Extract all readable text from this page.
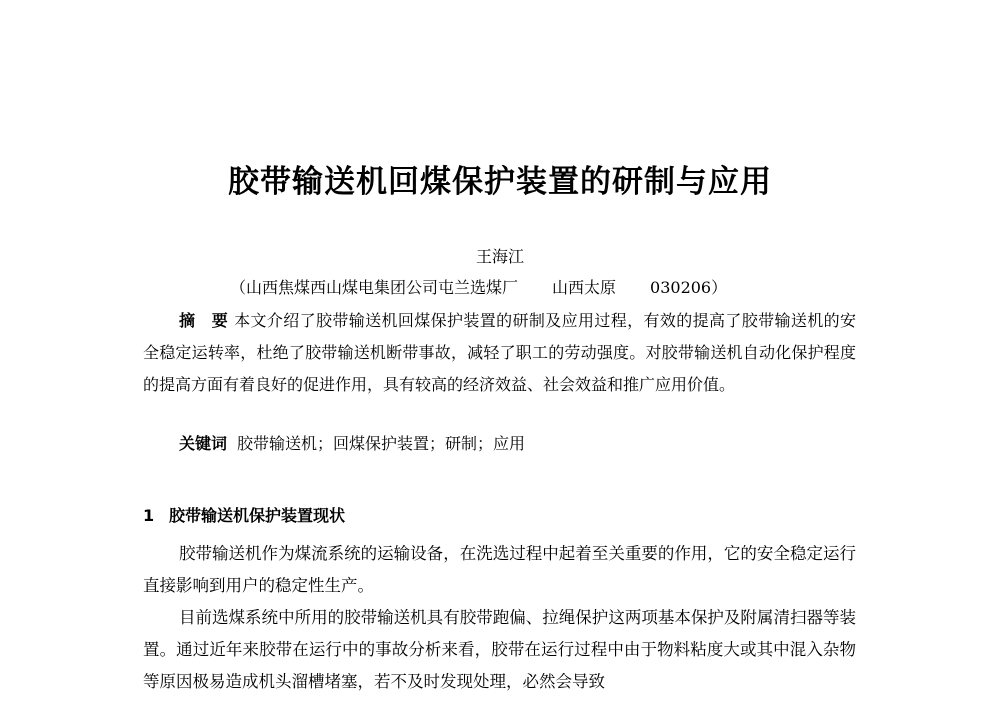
胶带输送机回煤保护装置的研制与应用
王海江
（山西焦煤西山煤电集团公司屯兰选煤厂 山西太原 030206）
摘　要 本文介绍了胶带输送机回煤保护装置的研制及应用过程，有效的提高了胶带输送机的安全稳定运转率，杜绝了胶带输送机断带事故，减轻了职工的劳动强度。对胶带输送机自动化保护程度的提高方面有着良好的促进作用，具有较高的经济效益、社会效益和推广应用价值。
关键词 胶带输送机；回煤保护装置；研制；应用
1 胶带输送机保护装置现状
胶带输送机作为煤流系统的运输设备，在洗选过程中起着至关重要的作用，它的安全稳定运行直接影响到用户的稳定性生产。
目前选煤系统中所用的胶带输送机具有胶带跑偏、拉绳保护这两项基本保护及附属清扫器等装置。通过近年来胶带在运行中的事故分析来看，胶带在运行过程中由于物料粘度大或其中混入杂物等原因极易造成机头溜槽堵塞，若不及时发现处理，必然会导致
